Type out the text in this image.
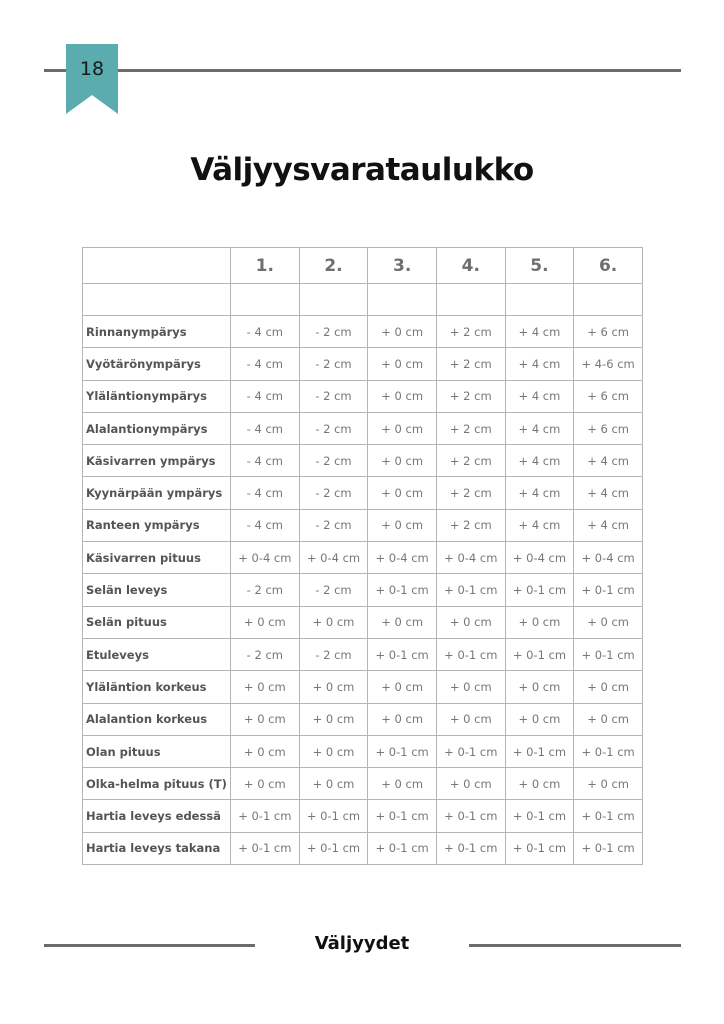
18
Väljyysvarataulukko
	1.	2.	3.	4.	5.	6.

Rinnanympärys	- 4 cm	- 2 cm	+ 0 cm	+ 2 cm	+ 4 cm	+ 6 cm
Vyötärönympärys	- 4 cm	- 2 cm	+ 0 cm	+ 2 cm	+ 4 cm	+ 4-6 cm
Yläläntionympärys	- 4 cm	- 2 cm	+ 0 cm	+ 2 cm	+ 4 cm	+ 6 cm
Alalantionympärys	- 4 cm	- 2 cm	+ 0 cm	+ 2 cm	+ 4 cm	+ 6 cm
Käsivarren ympärys	- 4 cm	- 2 cm	+ 0 cm	+ 2 cm	+ 4 cm	+ 4 cm
Kyynärpään ympärys	- 4 cm	- 2 cm	+ 0 cm	+ 2 cm	+ 4 cm	+ 4 cm
Ranteen ympärys	- 4 cm	- 2 cm	+ 0 cm	+ 2 cm	+ 4 cm	+ 4 cm
Käsivarren pituus	+ 0-4 cm	+ 0-4 cm	+ 0-4 cm	+ 0-4 cm	+ 0-4 cm	+ 0-4 cm
Selän leveys	- 2 cm	- 2 cm	+ 0-1 cm	+ 0-1 cm	+ 0-1 cm	+ 0-1 cm
Selän pituus	+ 0 cm	+ 0 cm	+ 0 cm	+ 0 cm	+ 0 cm	+ 0 cm
Etuleveys	- 2 cm	- 2 cm	+ 0-1 cm	+ 0-1 cm	+ 0-1 cm	+ 0-1 cm
Yläläntion korkeus	+ 0 cm	+ 0 cm	+ 0 cm	+ 0 cm	+ 0 cm	+ 0 cm
Alalantion korkeus	+ 0 cm	+ 0 cm	+ 0 cm	+ 0 cm	+ 0 cm	+ 0 cm
Olan pituus	+ 0 cm	+ 0 cm	+ 0-1 cm	+ 0-1 cm	+ 0-1 cm	+ 0-1 cm
Olka-helma pituus (T)	+ 0 cm	+ 0 cm	+ 0 cm	+ 0 cm	+ 0 cm	+ 0 cm
Hartia leveys edessä	+ 0-1 cm	+ 0-1 cm	+ 0-1 cm	+ 0-1 cm	+ 0-1 cm	+ 0-1 cm
Hartia leveys takana	+ 0-1 cm	+ 0-1 cm	+ 0-1 cm	+ 0-1 cm	+ 0-1 cm	+ 0-1 cm
Väljyydet
